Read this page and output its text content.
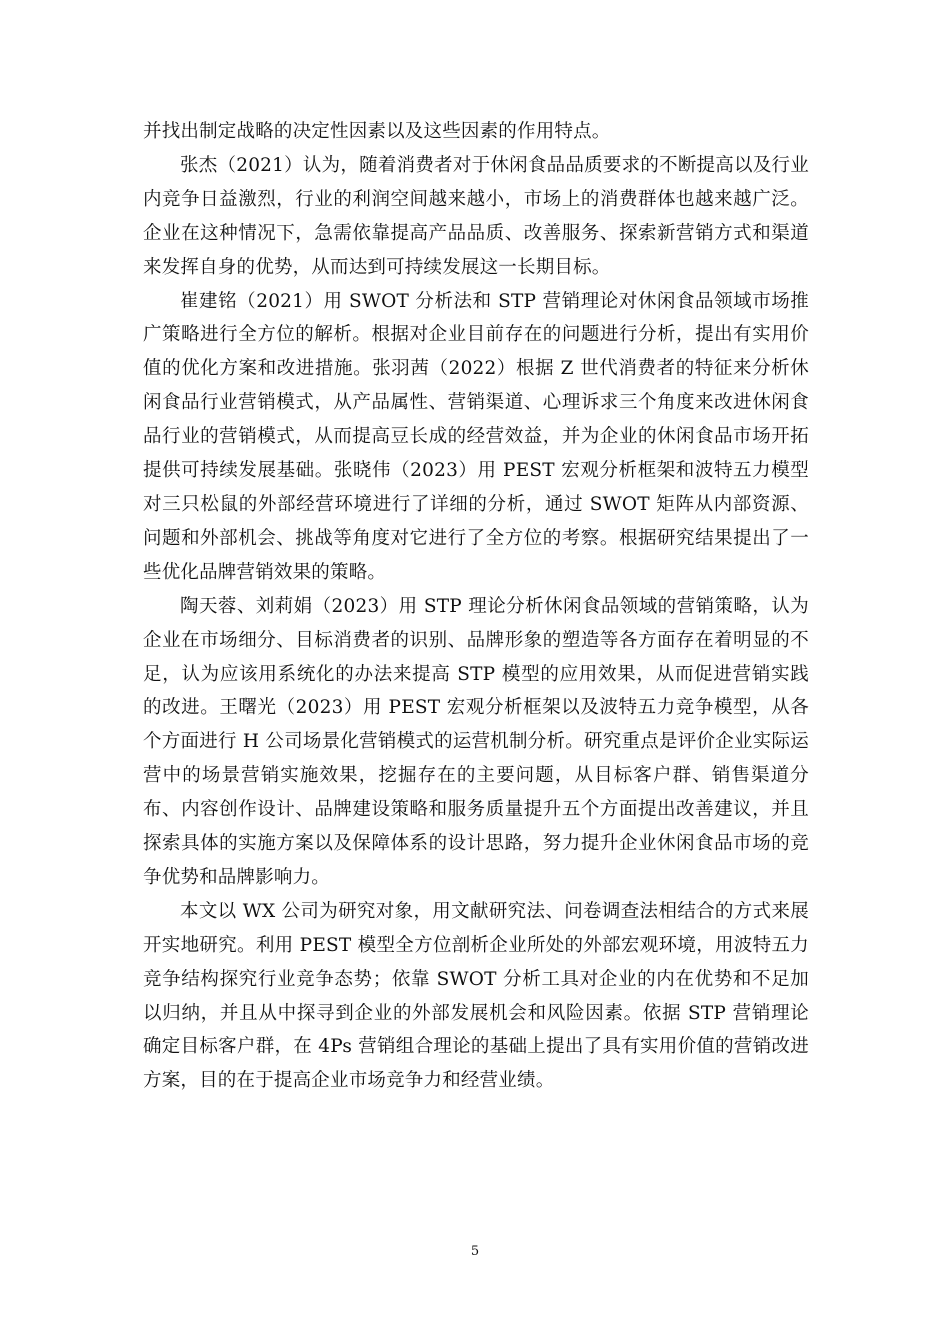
并找出制定战略的决定性因素以及这些因素的作用特点。

张杰（2021）认为，随着消费者对于休闲食品品质要求的不断提高以及行业内竞争日益激烈，行业的利润空间越来越小，市场上的消费群体也越来越广泛。企业在这种情况下，急需依靠提高产品品质、改善服务、探索新营销方式和渠道来发挥自身的优势，从而达到可持续发展这一长期目标。

崔建铭（2021）用 SWOT 分析法和 STP 营销理论对休闲食品领域市场推广策略进行全方位的解析。根据对企业目前存在的问题进行分析，提出有实用价值的优化方案和改进措施。张羽茜（2022）根据 Z 世代消费者的特征来分析休闲食品行业营销模式，从产品属性、营销渠道、心理诉求三个角度来改进休闲食品行业的营销模式，从而提高豆长成的经营效益，并为企业的休闲食品市场开拓提供可持续发展基础。张晓伟（2023）用 PEST 宏观分析框架和波特五力模型对三只松鼠的外部经营环境进行了详细的分析，通过 SWOT 矩阵从内部资源、问题和外部机会、挑战等角度对它进行了全方位的考察。根据研究结果提出了一些优化品牌营销效果的策略。

陶天蓉、刘莉娟（2023）用 STP 理论分析休闲食品领域的营销策略，认为企业在市场细分、目标消费者的识别、品牌形象的塑造等各方面存在着明显的不足，认为应该用系统化的办法来提高 STP 模型的应用效果，从而促进营销实践的改进。王曙光（2023）用 PEST 宏观分析框架以及波特五力竞争模型，从各个方面进行 H 公司场景化营销模式的运营机制分析。研究重点是评价企业实际运营中的场景营销实施效果，挖掘存在的主要问题，从目标客户群、销售渠道分布、内容创作设计、品牌建设策略和服务质量提升五个方面提出改善建议，并且探索具体的实施方案以及保障体系的设计思路，努力提升企业休闲食品市场的竞争优势和品牌影响力。

本文以 WX 公司为研究对象，用文献研究法、问卷调查法相结合的方式来展开实地研究。利用 PEST 模型全方位剖析企业所处的外部宏观环境，用波特五力竞争结构探究行业竞争态势；依靠 SWOT 分析工具对企业的内在优势和不足加以归纳，并且从中探寻到企业的外部发展机会和风险因素。依据 STP 营销理论确定目标客户群，在 4Ps 营销组合理论的基础上提出了具有实用价值的营销改进方案，目的在于提高企业市场竞争力和经营业绩。

5
